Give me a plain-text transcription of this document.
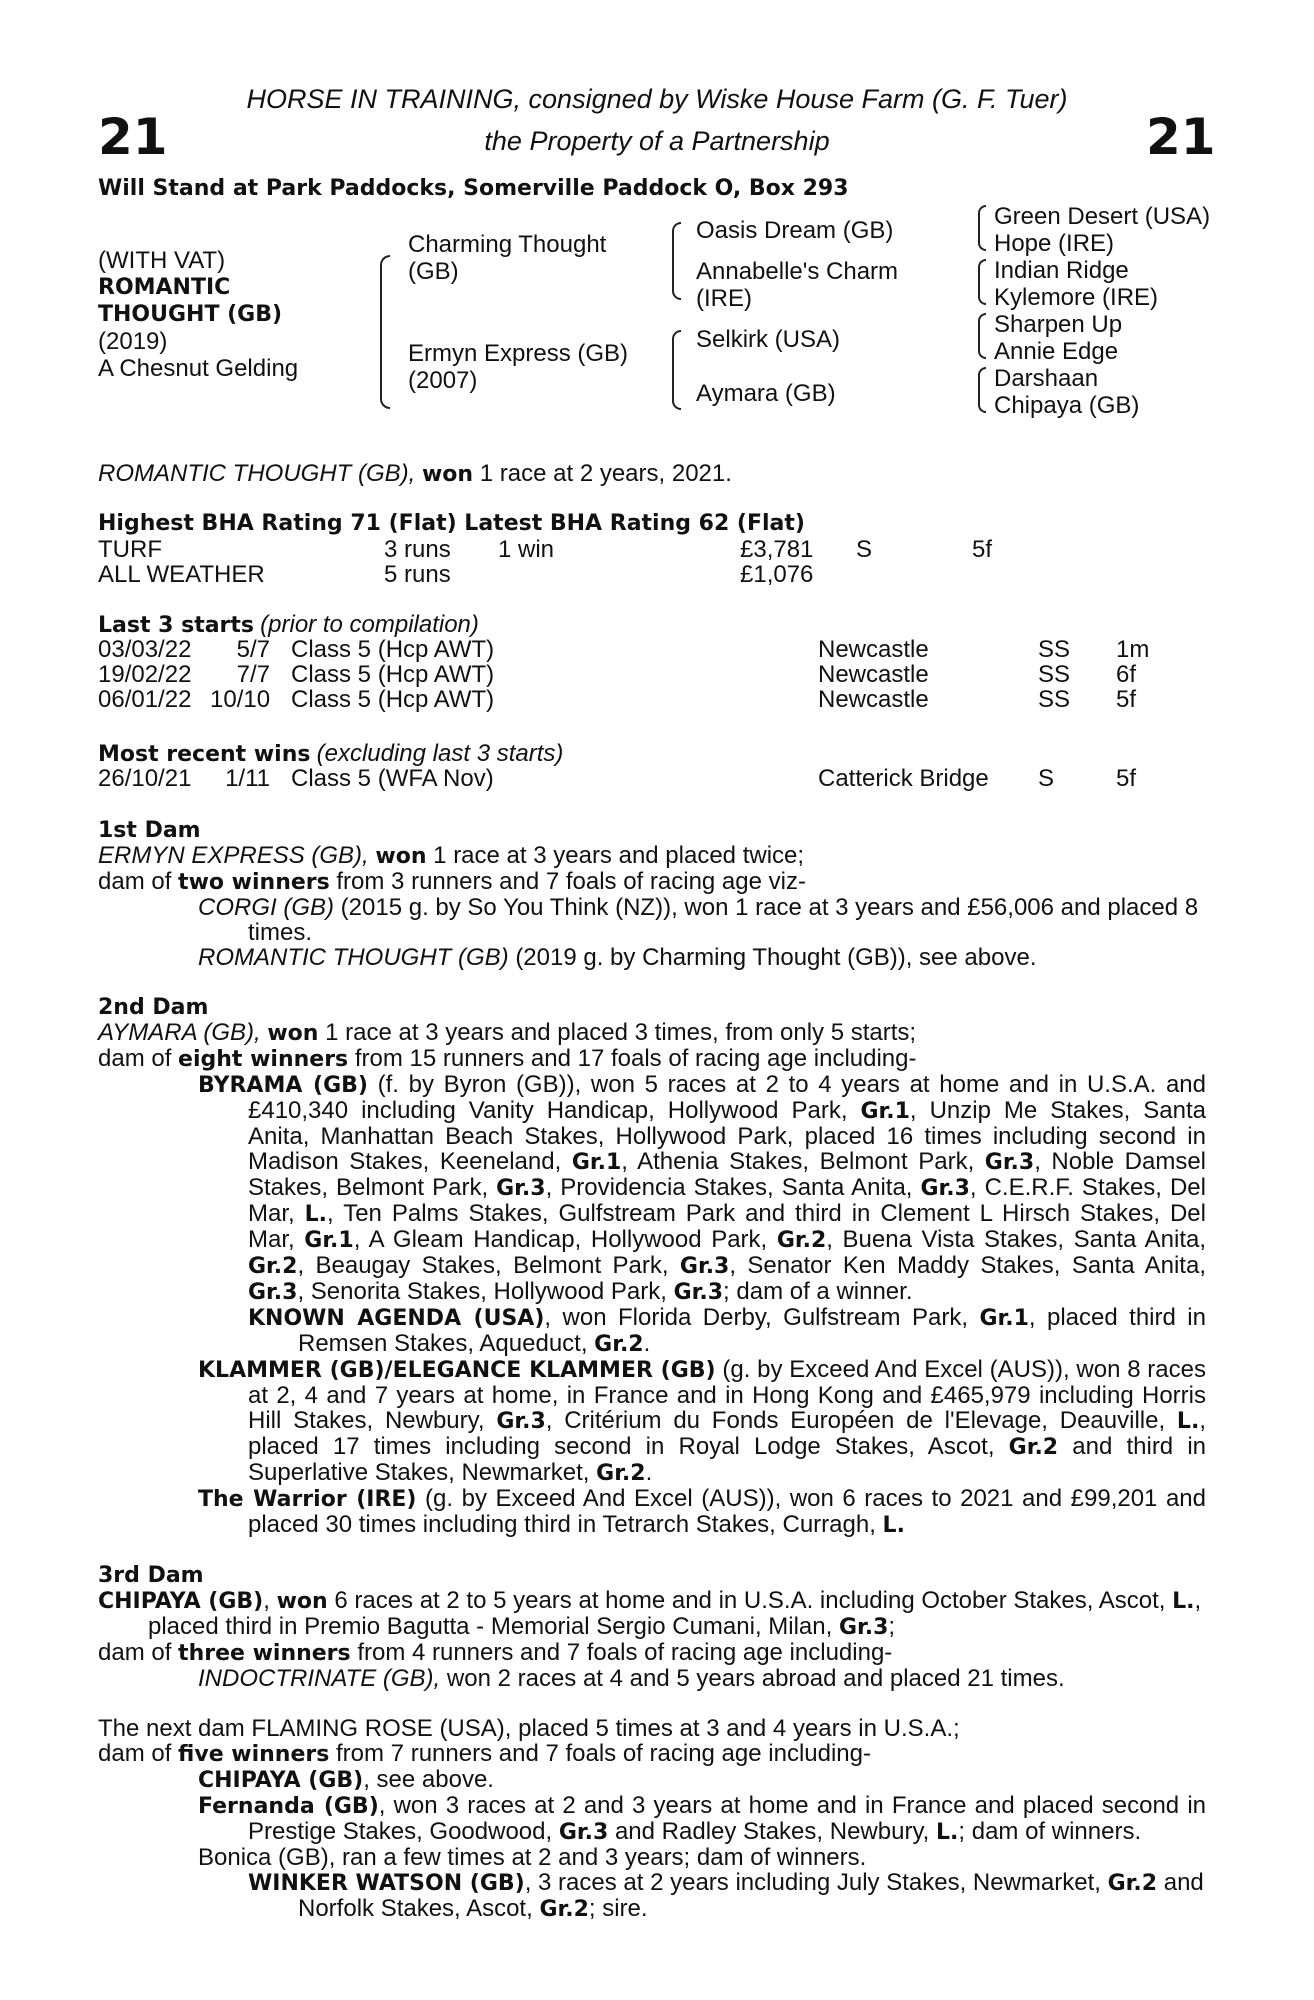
HORSE IN TRAINING, consigned by Wiske House Farm (G. F. Tuer)
the Property of a Partnership
21	21
Will Stand at Park Paddocks, Somerville Paddock O, Box 293
(WITH VAT)
ROMANTIC
THOUGHT (GB)
(2019)
A Chesnut Gelding
Charming Thought
(GB)
Ermyn Express (GB)
(2007)
Oasis Dream (GB)
Annabelle's Charm
(IRE)
Selkirk (USA)
Aymara (GB)
Green Desert (USA)
Hope (IRE)
Indian Ridge
Kylemore (IRE)
Sharpen Up
Annie Edge
Darshaan
Chipaya (GB)
ROMANTIC THOUGHT (GB), won 1 race at 2 years, 2021.
Highest BHA Rating 71 (Flat) Latest BHA Rating 62 (Flat)
TURF	3 runs 1 win	£3,781 S	5f
ALL WEATHER	5 runs	£1,076
Last 3 starts (prior to compilation)
03/03/22	5/7 Class 5 (Hcp AWT)	Newcastle	SS 1m
19/02/22	7/7 Class 5 (Hcp AWT)	Newcastle	SS 6f
06/01/22 10/10 Class 5 (Hcp AWT)	Newcastle	SS 5f
Most recent wins (excluding last 3 starts)
26/10/21	1/11 Class 5 (WFA Nov)	Catterick Bridge S	5f
1st Dam

ERMYN EXPRESS (GB), won 1 race at 3 years and placed twice;

dam of two winners from 3 runners and 7 foals of racing age viz-

CORGI (GB) (2015 g. by So You Think (NZ)), won 1 race at 3 years and £56,006 and placed 8 times.

ROMANTIC THOUGHT (GB) (2019 g. by Charming Thought (GB)), see above.

2nd Dam

AYMARA (GB), won 1 race at 3 years and placed 3 times, from only 5 starts;

dam of eight winners from 15 runners and 17 foals of racing age including-

BYRAMA (GB) (f. by Byron (GB)), won 5 races at 2 to 4 years at home and in U.S.A. and £410,340 including Vanity Handicap, Hollywood Park, Gr.1, Unzip Me Stakes, Santa Anita, Manhattan Beach Stakes, Hollywood Park, placed 16 times including second in Madison Stakes, Keeneland, Gr.1, Athenia Stakes, Belmont Park, Gr.3, Noble Damsel Stakes, Belmont Park, Gr.3, Providencia Stakes, Santa Anita, Gr.3, C.E.R.F. Stakes, Del Mar, L., Ten Palms Stakes, Gulfstream Park and third in Clement L Hirsch Stakes, Del Mar, Gr.1, A Gleam Handicap, Hollywood Park, Gr.2, Buena Vista Stakes, Santa Anita, Gr.2, Beaugay Stakes, Belmont Park, Gr.3, Senator Ken Maddy Stakes, Santa Anita, Gr.3, Senorita Stakes, Hollywood Park, Gr.3; dam of a winner.

KNOWN AGENDA (USA), won Florida Derby, Gulfstream Park, Gr.1, placed third in Remsen Stakes, Aqueduct, Gr.2.

KLAMMER (GB)/ELEGANCE KLAMMER (GB) (g. by Exceed And Excel (AUS)), won 8 races at 2, 4 and 7 years at home, in France and in Hong Kong and £465,979 including Horris Hill Stakes, Newbury, Gr.3, Critérium du Fonds Européen de l'Elevage, Deauville, L., placed 17 times including second in Royal Lodge Stakes, Ascot, Gr.2 and third in Superlative Stakes, Newmarket, Gr.2.

The Warrior (IRE) (g. by Exceed And Excel (AUS)), won 6 races to 2021 and £99,201 and placed 30 times including third in Tetrarch Stakes, Curragh, L.

3rd Dam

CHIPAYA (GB), won 6 races at 2 to 5 years at home and in U.S.A. including October Stakes, Ascot, L., placed third in Premio Bagutta - Memorial Sergio Cumani, Milan, Gr.3;

dam of three winners from 4 runners and 7 foals of racing age including-

INDOCTRINATE (GB), won 2 races at 4 and 5 years abroad and placed 21 times.

The next dam FLAMING ROSE (USA), placed 5 times at 3 and 4 years in U.S.A.;

dam of five winners from 7 runners and 7 foals of racing age including-

CHIPAYA (GB), see above.

Fernanda (GB), won 3 races at 2 and 3 years at home and in France and placed second in Prestige Stakes, Goodwood, Gr.3 and Radley Stakes, Newbury, L.; dam of winners.

Bonica (GB), ran a few times at 2 and 3 years; dam of winners.

WINKER WATSON (GB), 3 races at 2 years including July Stakes, Newmarket, Gr.2 and Norfolk Stakes, Ascot, Gr.2; sire.
